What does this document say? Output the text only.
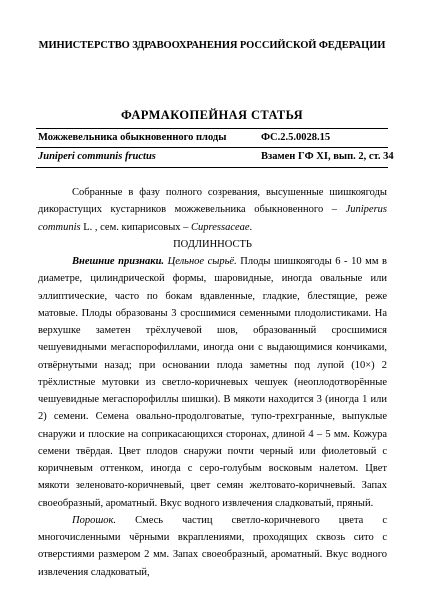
МИНИСТЕРСТВО ЗДРАВООХРАНЕНИЯ РОССИЙСКОЙ ФЕДЕРАЦИИ
ФАРМАКОПЕЙНАЯ СТАТЬЯ
Можжевельника обыкновенного плоды	ФС.2.5.0028.15
Juniperi communis fructus	Взамен ГФ XI, вып. 2, ст. 34

Собранные в фазу полного созревания, высушенные шишкоягоды дикорастущих кустарников можжевельника обыкновенного – Juniperus communis L. , сем. кипарисовых – Cupressaceae.

ПОДЛИННОСТЬ

Внешние признаки. Цельное сырьё. Плоды шишкоягоды 6 - 10 мм в диаметре, цилиндрической формы, шаровидные, иногда овальные или эллиптические, часто по бокам вдавленные, гладкие, блестящие, реже матовые. Плоды образованы 3 сросшимися семенными плодолистиками. На верхушке заметен трёхлучевой шов, образованный сросшимися чешуевидными мегаспорофиллами, иногда они с выдающимися кончиками, отвёрнутыми назад; при основании плода заметны под лупой (10×) 2 трёхлистные мутовки из светло-коричневых чешуек (неоплодотворённые чешуевидные мегаспорофиллы шишки). В мякоти находится 3 (иногда 1 или 2) семени. Семена овально-продолговатые, тупо-трехгранные, выпуклые снаружи и плоские на соприкасающихся сторонах, длиной 4 – 5 мм. Кожура семени твёрдая. Цвет плодов снаружи почти черный или фиолетовый с коричневым оттенком, иногда с серо-голубым восковым налетом. Цвет мякоти зеленовато-коричневый, цвет семян желтовато-коричневый. Запах своеобразный, ароматный. Вкус водного извлечения сладковатый, пряный.

Порошок. Смесь частиц светло-коричневого цвета с многочисленными чёрными вкраплениями, проходящих сквозь сито с отверстиями размером 2 мм. Запах своеобразный, ароматный. Вкус водного извлечения сладковатый,
